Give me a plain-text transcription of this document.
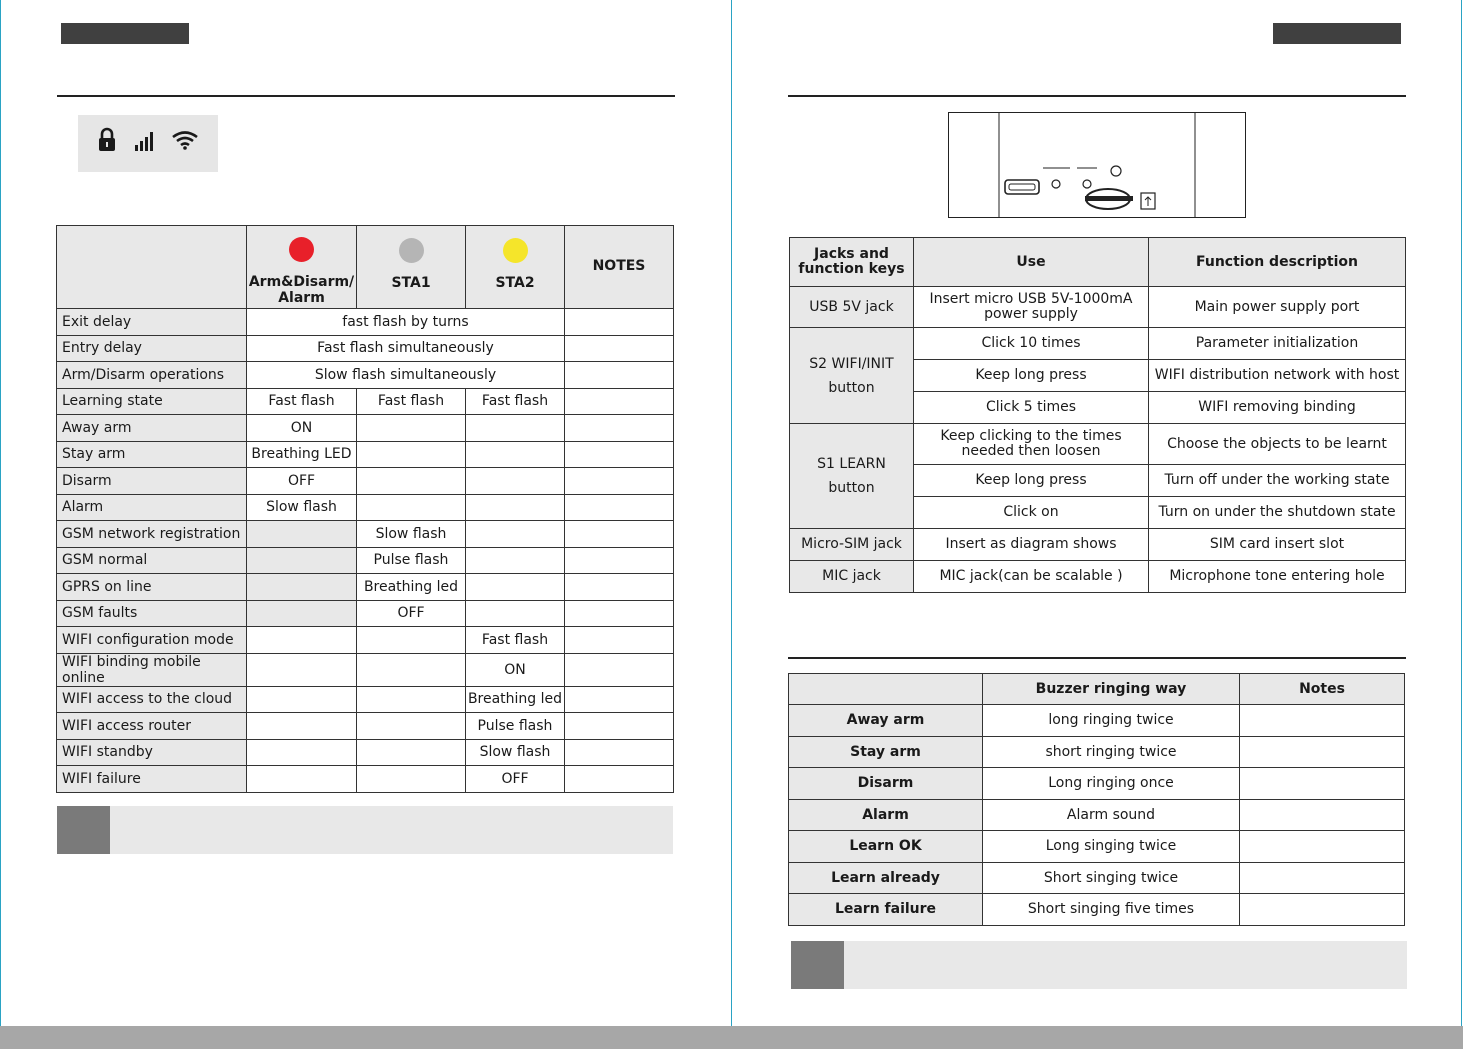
Arm&Disarm/ Alarm	STA1	STA2	NOTES
Exit delay	fast flash by turns			
Entry delay	Fast flash simultaneously			
Arm/Disarm operations	Slow flash simultaneously			
Learning state	Fast flash	Fast flash	Fast flash	
Away arm	ON			
Stay arm	Breathing LED			
Disarm	OFF			
Alarm	Slow flash			
GSM network registration		Slow flash		
GSM normal		Pulse flash		
GPRS on line		Breathing led		
GSM faults		OFF		
WIFI configuration mode			Fast flash	
WIFI binding mobile online			ON	
WIFI access to the cloud			Breathing led	
WIFI access router			Pulse flash	
WIFI standby			Slow flash	
WIFI failure			OFF	
Jacks and function keys	Use	Function description
USB 5V jack	Insert micro USB 5V-1000mA power supply	Main power supply port

S2 WIFI/INIT
button	Click 10 times	Parameter initialization
	Keep long press	WIFI distribution network with host
	Click 5 times	WIFI removing binding

S1 LEARN
button	Keep clicking to the times needed then loosen	Choose the objects to be learnt
	Keep long press	Turn off under the working state
	Click on	Turn on under the shutdown state
Micro-SIM jack	Insert as diagram shows	SIM card insert slot
MIC jack	MIC jack(can be scalable )	Microphone tone entering hole
	Buzzer ringing way	Notes
Away arm	long ringing twice	
Stay arm	short ringing twice	
Disarm	Long ringing once	
Alarm	Alarm sound	
Learn OK	Long singing twice	
Learn already	Short singing twice	
Learn failure	Short singing five times	
